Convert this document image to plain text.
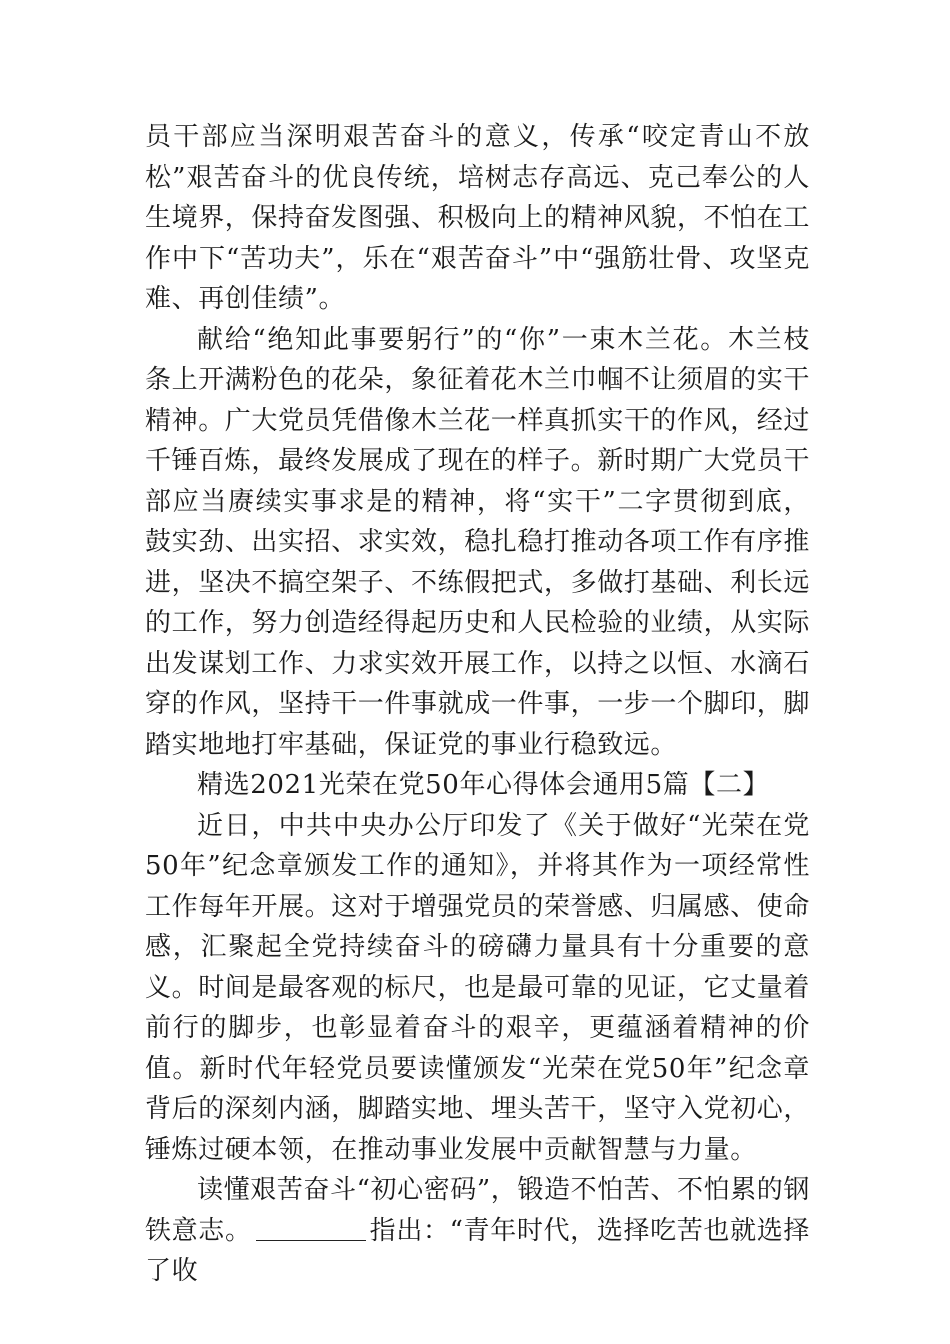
员干部应当深明艰苦奋斗的意义，传承“咬定青山不放松”艰苦奋斗的优良传统，培树志存高远、克己奉公的人生境界，保持奋发图强、积极向上的精神风貌，不怕在工作中下“苦功夫”，乐在“艰苦奋斗”中“强筋壮骨、攻坚克难、再创佳绩”。

献给“绝知此事要躬行”的“你”一束木兰花。木兰枝条上开满粉色的花朵，象征着花木兰巾帼不让须眉的实干精神。广大党员凭借像木兰花一样真抓实干的作风，经过千锤百炼，最终发展成了现在的样子。新时期广大党员干部应当赓续实事求是的精神，将“实干”二字贯彻到底，鼓实劲、出实招、求实效，稳扎稳打推动各项工作有序推进，坚决不搞空架子、不练假把式，多做打基础、利长远的工作，努力创造经得起历史和人民检验的业绩，从实际出发谋划工作、力求实效开展工作，以持之以恒、水滴石穿的作风，坚持干一件事就成一件事，一步一个脚印，脚踏实地地打牢基础，保证党的事业行稳致远。

精选2021光荣在党50年心得体会通用5篇【二】

近日，中共中央办公厅印发了《关于做好“光荣在党50年”纪念章颁发工作的通知》，并将其作为一项经常性工作每年开展。这对于增强党员的荣誉感、归属感、使命感，汇聚起全党持续奋斗的磅礴力量具有十分重要的意义。时间是最客观的标尺，也是最可靠的见证，它丈量着前行的脚步，也彰显着奋斗的艰辛，更蕴涵着精神的价值。新时代年轻党员要读懂颁发“光荣在党50年”纪念章背后的深刻内涵，脚踏实地、埋头苦干，坚守入党初心，锤炼过硬本领，在推动事业发展中贡献智慧与力量。

读懂艰苦奋斗“初心密码”，锻造不怕苦、不怕累的钢铁意志。	指出：“青年时代，选择吃苦也就选择了收
